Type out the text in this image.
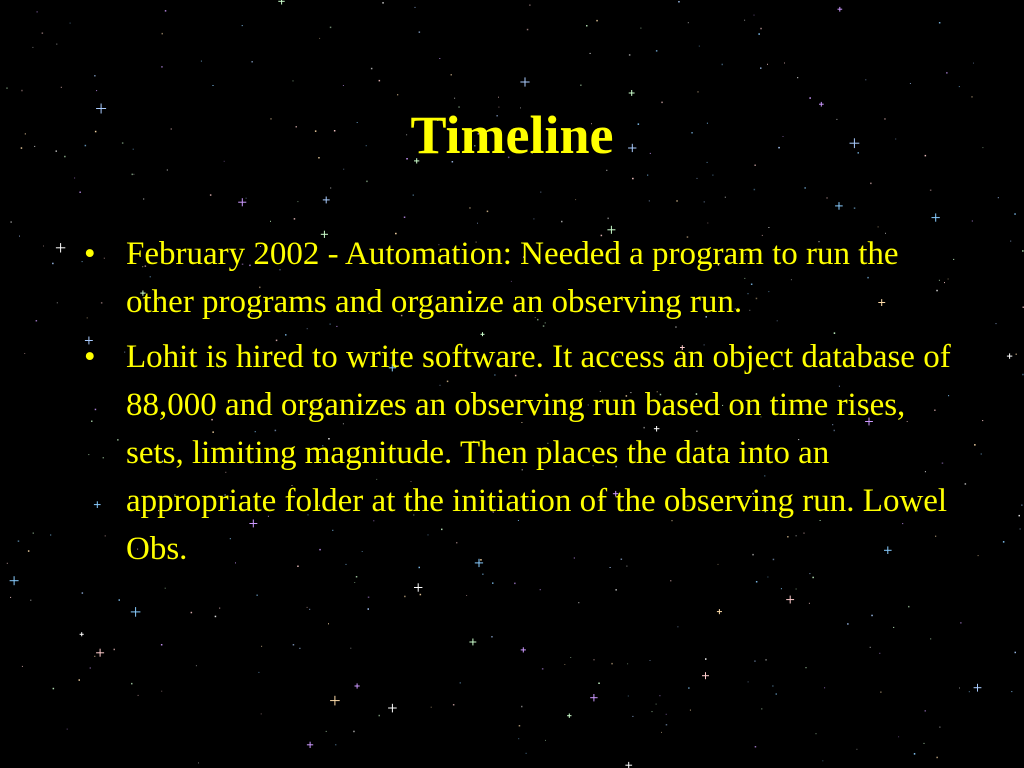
Timeline
• February 2002 - Automation: Needed a program to run the other programs and organize an observing run.
• Lohit is hired to write software. It access an object database of 88,000 and organizes an observing run based on time rises, sets, limiting magnitude. Then places the data into an appropriate folder at the initiation of the observing run. Lowel Obs.
